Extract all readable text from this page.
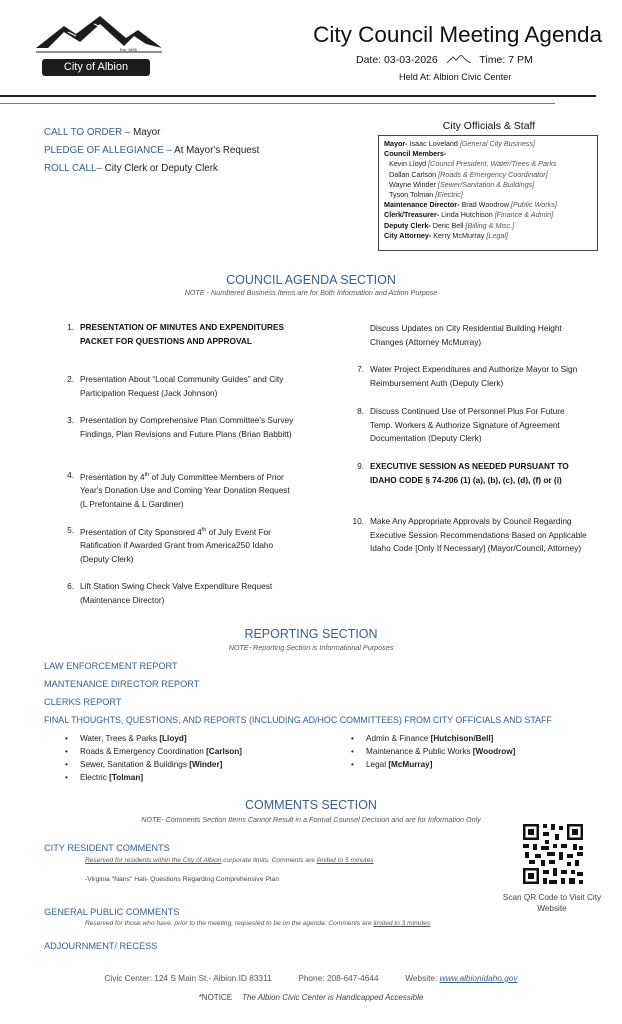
Est. 1895
City of Albion
City Council Meeting Agenda
Date: 03-03-2026	Time: 7 PM
Held At: Albion Civic Center
CALL TO ORDER – Mayor
PLEDGE OF ALLEGIANCE – At Mayor's Request
ROLL CALL– City Clerk or Deputy Clerk
City Officials & Staff
Mayor- Isaac Loveland [General City Business]
Council Members-
Kevin Lloyd [Council President, Water/Trees & Parks
Dallan Carlson [Roads & Emergency Coordinator]
Wayne Winder [Sewer/Sanitation & Buildings]
Tyson Tolman [Electric]
Maintenance Director- Brad Woodrow [Public Works]
Clerk/Treasurer- Linda Hutchison [Finance & Admin]
Deputy Clerk- Deric Bell [Billing & Misc.]
City Attorney- Kerry McMurray [Legal]
COUNCIL AGENDA SECTION
NOTE - Numbered Business Items are for Both Information and Action Purpose
1. PRESENTATION OF MINUTES AND EXPENDITURES PACKET FOR QUESTIONS AND APPROVAL
2. Presentation About “Local Community Guides” and City Participation Request (Jack Johnson)
3. Presentation by Comprehensive Plan Committee's Survey Findings, Plan Revisions and Future Plans (Brian Babbitt)
4. Presentation by 4th of July Committee Members of Prior Year's Donation Use and Coming Year Donation Request (L Prefontaine & L Gardiner)
5. Presentation of City Sponsored 4th of July Event For Ratification if Awarded Grant from America250 Idaho (Deputy Clerk)
6. Lift Station Swing Check Valve Expenditure Request (Maintenance Director)
Discuss Updates on City Residential Building Height Changes (Attorney McMurray)
7. Water Project Expenditures and Authorize Mayor to Sign Reimbursement Auth (Deputy Clerk)
8. Discuss Continued Use of Personnel Plus For Future Temp. Workers & Authorize Signature of Agreement Documentation (Deputy Clerk)
9. EXECUTIVE SESSION AS NEEDED PURSUANT TO IDAHO CODE § 74-206 (1) (a), (b), (c), (d), (f) or (i)
10. Make Any Appropriate Approvals by Council Regarding Executive Session Recommendations Based on Applicable Idaho Code [Only If Necessary] (Mayor/Council, Attorney)
REPORTING SECTION
NOTE- Reporting Section is Informational Purposes
LAW ENFORCEMENT REPORT
MANTENANCE DIRECTOR REPORT
CLERKS REPORT
FINAL THOUGHTS, QUESTIONS, AND REPORTS (INCLUDING AD/HOC COMMITTEES) FROM CITY OFFICIALS AND STAFF
• Water, Trees & Parks [Lloyd]
• Roads & Emergency Coordination [Carlson]
• Sewer, Sanitation & Buildings [Winder]
• Electric [Tolman]
• Admin & Finance [Hutchison/Bell]
• Maintenance & Public Works [Woodrow]
• Legal [McMurray]
COMMENTS SECTION
NOTE- Comments Section Items Cannot Result in a Formal Counsel Decision and are for Information Only
CITY RESIDENT COMMENTS
Reserved for residents within the City of Albion corporate limits. Comments are limited to 5 minutes
-Virginia "Nans" Hall- Questions Regarding Comprehensive Plan
GENERAL PUBLIC COMMENTS
Reserved for those who have, prior to the meeting, requested to be on the agenda. Comments are limited to 3 minutes
Scan QR Code to Visit City Website
ADJOURNMENT/ RECESS
Civic Center: 124 S Main St.- Albion ID 83311	Phone: 208-647-4644	Website: www.albionidaho.gov
*NOTICE The Albion Civic Center is Handicapped Accessible
